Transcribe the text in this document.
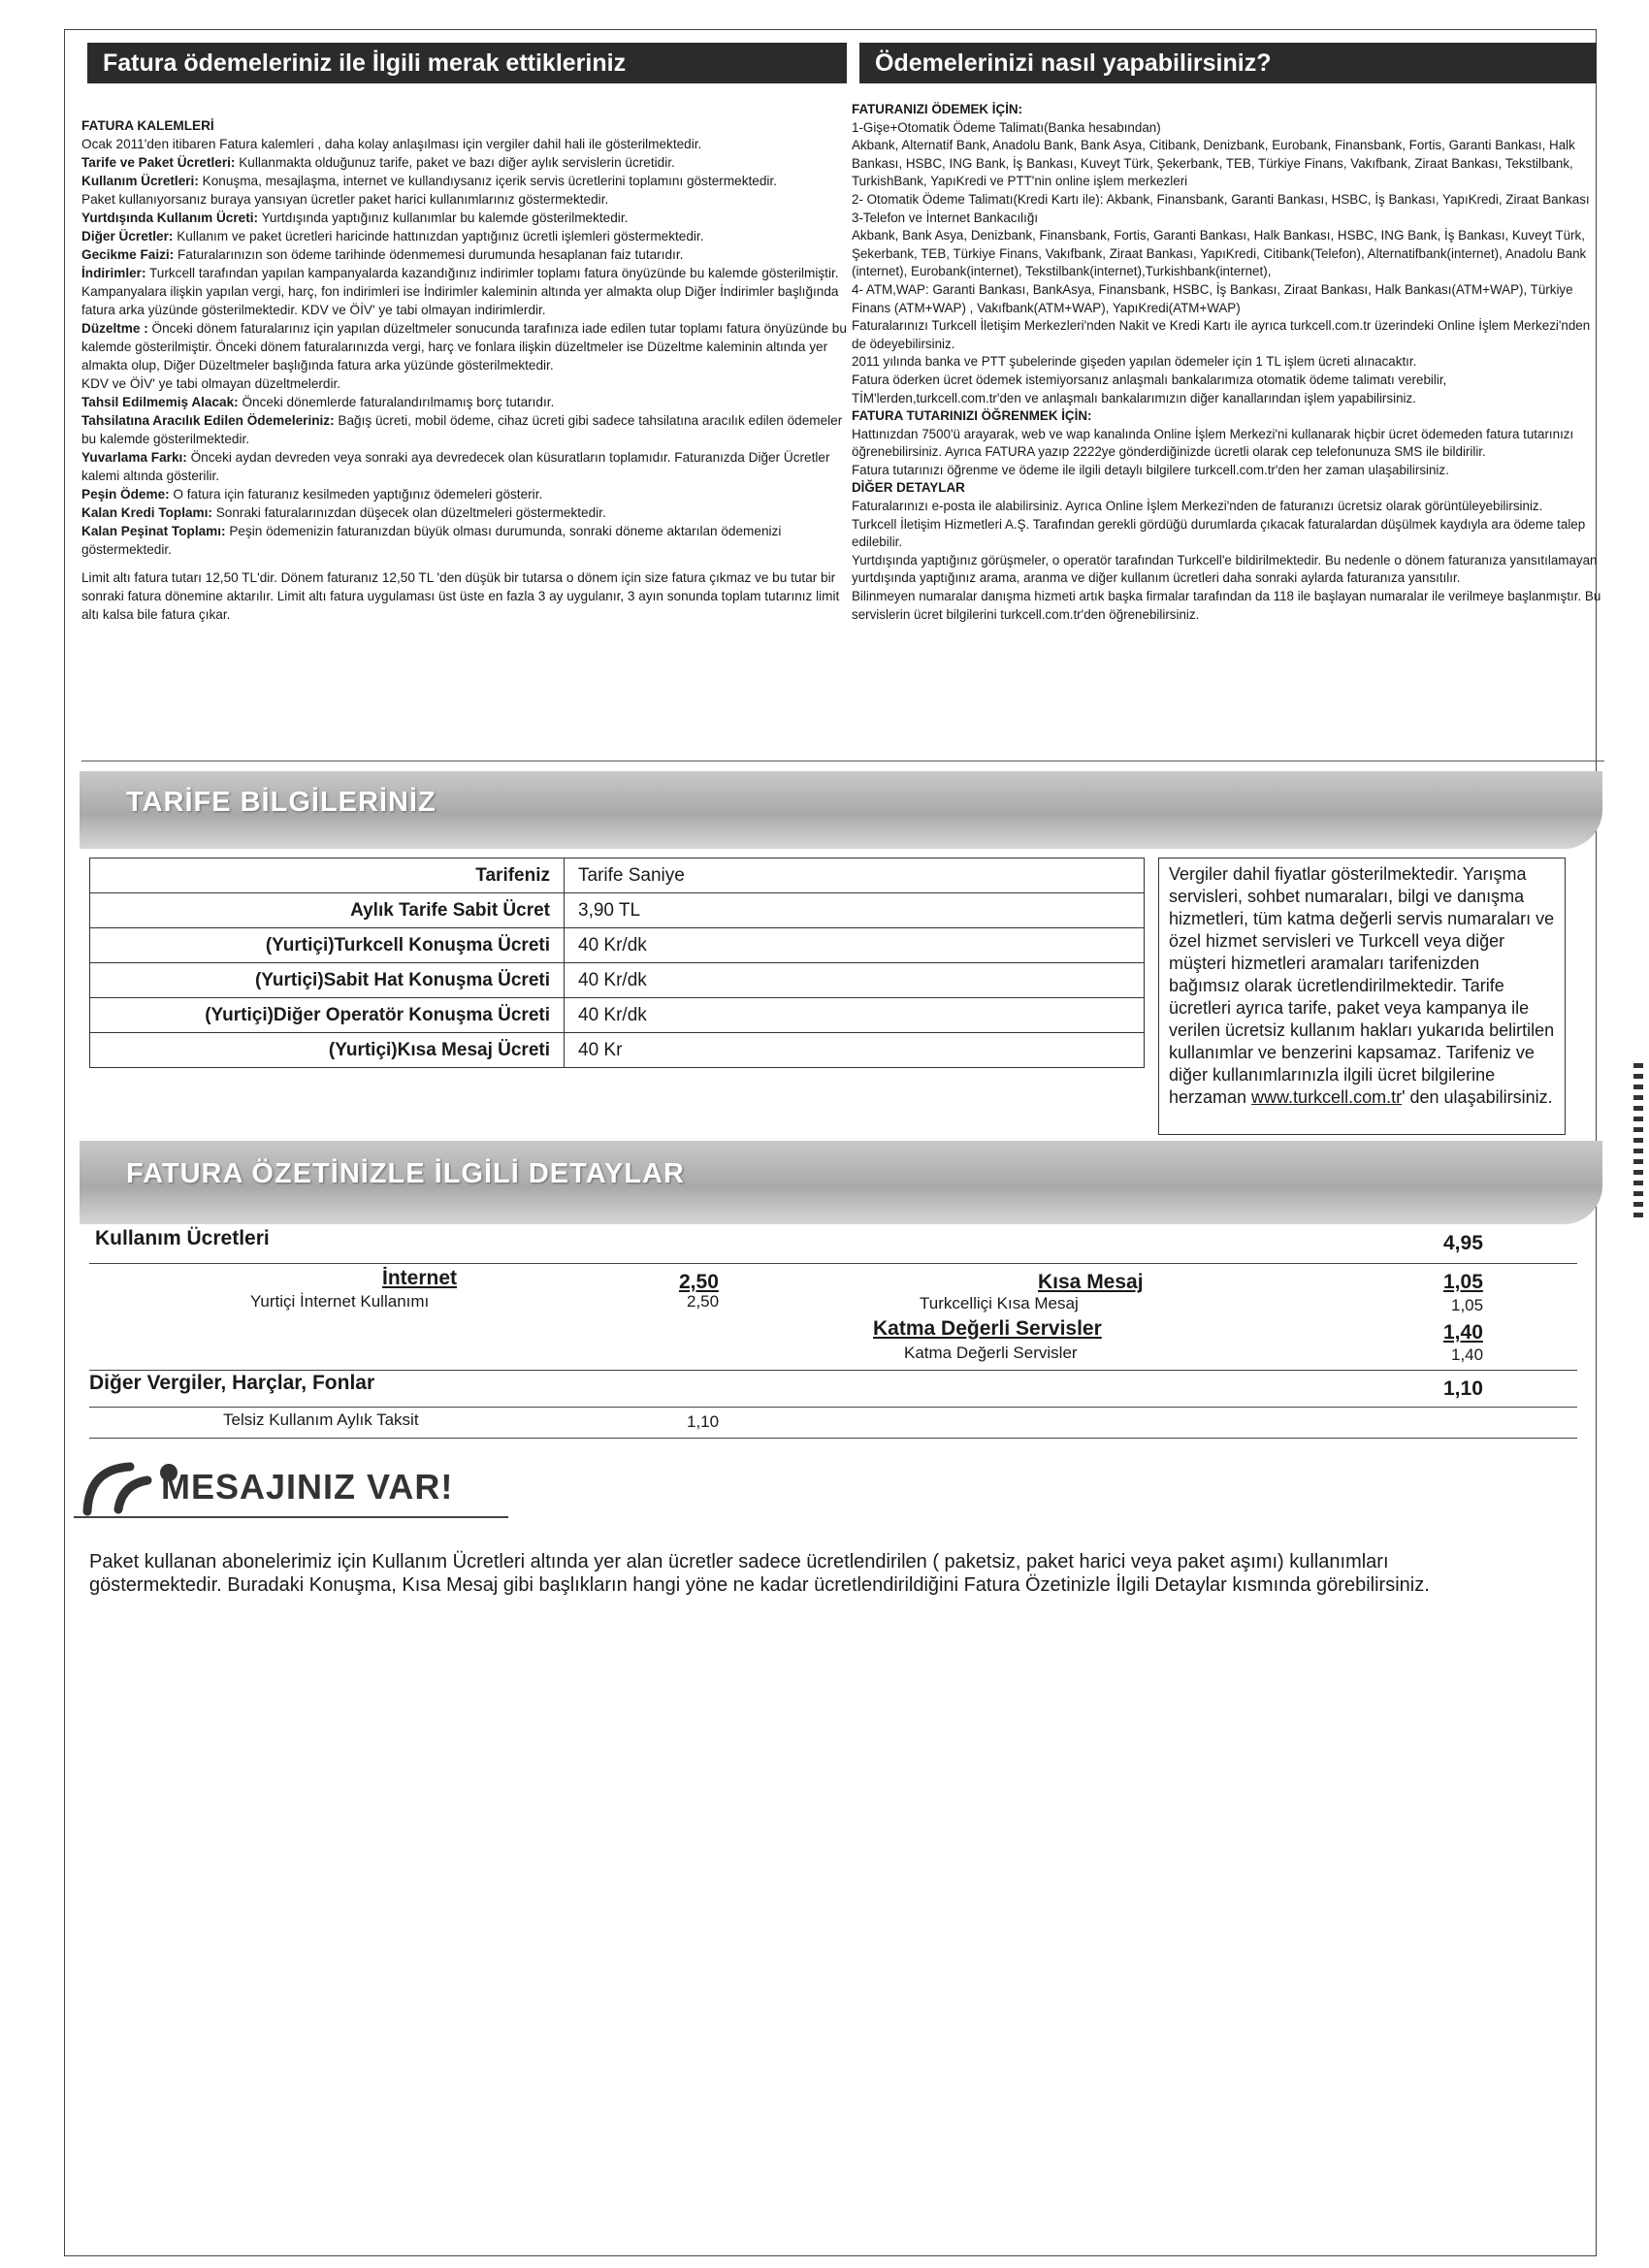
Fatura ödemeleriniz ile İlgili merak ettikleriniz

FATURA KALEMLERİ

Ocak 2011'den itibaren Fatura kalemleri , daha kolay anlaşılması için vergiler dahil hali ile gösterilmektedir.

Tarife ve Paket Ücretleri: Kullanmakta olduğunuz tarife, paket ve bazı diğer aylık servislerin ücretidir.

Kullanım Ücretleri: Konuşma, mesajlaşma, internet ve kullandıysanız içerik servis ücretlerini toplamını göstermektedir.

Paket kullanıyorsanız buraya yansıyan ücretler paket harici kullanımlarınız göstermektedir.

Yurtdışında Kullanım Ücreti: Yurtdışında yaptığınız kullanımlar bu kalemde gösterilmektedir.

Diğer Ücretler: Kullanım ve paket ücretleri haricinde hattınızdan yaptığınız ücretli işlemleri göstermektedir.

Gecikme Faizi: Faturalarınızın son ödeme tarihinde ödenmemesi durumunda hesaplanan faiz tutarıdır.

İndirimler: Turkcell tarafından yapılan kampanyalarda kazandığınız indirimler toplamı fatura önyüzünde bu kalemde gösterilmiştir. Kampanyalara ilişkin yapılan vergi, harç, fon indirimleri ise İndirimler kaleminin altında yer almakta olup Diğer İndirimler başlığında fatura arka yüzünde gösterilmektedir. KDV ve ÖİV' ye tabi olmayan indirimlerdir.

Düzeltme : Önceki dönem faturalarınız için yapılan düzeltmeler sonucunda tarafınıza iade edilen tutar toplamı fatura önyüzünde bu kalemde gösterilmiştir. Önceki dönem faturalarınızda vergi, harç ve fonlara ilişkin düzeltmeler ise Düzeltme kaleminin altında yer almakta olup, Diğer Düzeltmeler başlığında fatura arka yüzünde gösterilmektedir.

KDV ve ÖİV' ye tabi olmayan düzeltmelerdir.

Tahsil Edilmemiş Alacak: Önceki dönemlerde faturalandırılmamış borç tutarıdır.

Tahsilatına Aracılık Edilen Ödemeleriniz: Bağış ücreti, mobil ödeme, cihaz ücreti gibi sadece tahsilatına aracılık edilen ödemeler bu kalemde gösterilmektedir.

Yuvarlama Farkı: Önceki aydan devreden veya sonraki aya devredecek olan küsuratların toplamıdır. Faturanızda Diğer Ücretler kalemi altında gösterilir.

Peşin Ödeme: O fatura için faturanız kesilmeden yaptığınız ödemeleri gösterir.

Kalan Kredi Toplamı: Sonraki faturalarınızdan düşecek olan düzeltmeleri göstermektedir.

Kalan Peşinat Toplamı: Peşin ödemenizin faturanızdan büyük olması durumunda, sonraki döneme aktarılan ödemenizi göstermektedir.

Limit altı fatura tutarı 12,50 TL'dir. Dönem faturanız 12,50 TL 'den düşük bir tutarsa o dönem için size fatura çıkmaz ve bu tutar bir sonraki fatura dönemine aktarılır. Limit altı fatura uygulaması üst üste en fazla 3 ay uygulanır, 3 ayın sonunda toplam tutarınız limit altı kalsa bile fatura çıkar.

Ödemelerinizi nasıl yapabilirsiniz?

FATURANIZI ÖDEMEK İÇİN:

1-Gişe+Otomatik Ödeme Talimatı(Banka hesabından)

Akbank, Alternatif Bank, Anadolu Bank, Bank Asya, Citibank, Denizbank, Eurobank, Finansbank, Fortis, Garanti Bankası, Halk Bankası, HSBC, ING Bank, İş Bankası, Kuveyt Türk, Şekerbank, TEB, Türkiye Finans, Vakıfbank, Ziraat Bankası, Tekstilbank, TurkishBank, YapıKredi ve PTT'nin online işlem merkezleri

2- Otomatik Ödeme Talimatı(Kredi Kartı ile): Akbank, Finansbank, Garanti Bankası, HSBC, İş Bankası, YapıKredi, Ziraat Bankası

3-Telefon ve İnternet Bankacılığı

Akbank, Bank Asya, Denizbank, Finansbank, Fortis, Garanti Bankası, Halk Bankası, HSBC, ING Bank, İş Bankası, Kuveyt Türk, Şekerbank, TEB, Türkiye Finans, Vakıfbank, Ziraat Bankası, YapıKredi, Citibank(Telefon), Alternatifbank(internet), Anadolu Bank (internet), Eurobank(internet), Tekstilbank(internet),Turkishbank(internet),

4- ATM,WAP: Garanti Bankası, BankAsya, Finansbank, HSBC, İş Bankası, Ziraat Bankası, Halk Bankası(ATM+WAP), Türkiye Finans (ATM+WAP) , Vakıfbank(ATM+WAP), YapıKredi(ATM+WAP)

Faturalarınızı Turkcell İletişim Merkezleri'nden Nakit ve Kredi Kartı ile ayrıca turkcell.com.tr üzerindeki Online İşlem Merkezi'nden de ödeyebilirsiniz.

2011 yılında banka ve PTT şubelerinde gişeden yapılan ödemeler için 1 TL işlem ücreti alınacaktır.

Fatura öderken ücret ödemek istemiyorsanız anlaşmalı bankalarımıza otomatik ödeme talimatı verebilir, TİM'lerden,turkcell.com.tr'den ve anlaşmalı bankalarımızın diğer kanallarından işlem yapabilirsiniz.

FATURA TUTARINIZI ÖĞRENMEK İÇİN:

Hattınızdan 7500'ü arayarak, web ve wap kanalında Online İşlem Merkezi'ni kullanarak hiçbir ücret ödemeden fatura tutarınızı öğrenebilirsiniz. Ayrıca FATURA yazıp 2222ye gönderdiğinizde ücretli olarak cep telefonunuza SMS ile bildirilir.

Fatura tutarınızı öğrenme ve ödeme ile ilgili detaylı bilgilere turkcell.com.tr'den her zaman ulaşabilirsiniz.

DİĞER DETAYLAR

Faturalarınızı e-posta ile alabilirsiniz. Ayrıca Online İşlem Merkezi'nden de faturanızı ücretsiz olarak görüntüleyebilirsiniz.

Turkcell İletişim Hizmetleri A.Ş. Tarafından gerekli gördüğü durumlarda çıkacak faturalardan düşülmek kaydıyla ara ödeme talep edilebilir.

Yurtdışında yaptığınız görüşmeler, o operatör tarafından Turkcell'e bildirilmektedir. Bu nedenle o dönem faturanıza yansıtılamayan yurtdışında yaptığınız arama, aranma ve diğer kullanım ücretleri daha sonraki aylarda faturanıza yansıtılır.

Bilinmeyen numaralar danışma hizmeti artık başka firmalar tarafından da 118 ile başlayan numaralar ile verilmeye başlanmıştır. Bu servislerin ücret bilgilerini turkcell.com.tr'den öğrenebilirsiniz.

TARİFE BİLGİLERİNİZ
Tarifeniz	Tarife Saniye
Aylık Tarife Sabit Ücret	3,90 TL
(Yurtiçi)Turkcell Konuşma Ücreti	40 Kr/dk
(Yurtiçi)Sabit Hat Konuşma Ücreti	40 Kr/dk
(Yurtiçi)Diğer Operatör Konuşma Ücreti	40 Kr/dk
(Yurtiçi)Kısa Mesaj Ücreti	40 Kr
Vergiler dahil fiyatlar gösterilmektedir. Yarışma servisleri, sohbet numaraları, bilgi ve danışma hizmetleri, tüm katma değerli servis numaraları ve özel hizmet servisleri ve Turkcell veya diğer müşteri hizmetleri aramaları tarifenizden bağımsız olarak ücretlendirilmektedir. Tarife ücretleri ayrıca tarife, paket veya kampanya ile verilen ücretsiz kullanım hakları yukarıda belirtilen kullanımlar ve benzerini kapsamaz. Tarifeniz ve diğer kullanımlarınızla ilgili ücret bilgilerine herzaman www.turkcell.com.tr' den ulaşabilirsiniz.
FATURA ÖZETİNİZLE İLGİLİ DETAYLAR
Kullanım Ücretleri	4,95
İnternet	2,50
Yurtiçi İnternet Kullanımı	2,50
Kısa Mesaj	1,05
Turkcelliçi Kısa Mesaj	1,05
Katma Değerli Servisler	1,40
Katma Değerli Servisler	1,40
Diğer Vergiler, Harçlar, Fonlar	1,10
Telsiz Kullanım Aylık Taksit	1,10
MESAJINIZ VAR!
Paket kullanan abonelerimiz için Kullanım Ücretleri altında yer alan ücretler sadece ücretlendirilen ( paketsiz, paket harici veya paket aşımı) kullanımları göstermektedir. Buradaki Konuşma, Kısa Mesaj gibi başlıkların hangi yöne ne kadar ücretlendirildiğini Fatura Özetinizle İlgili Detaylar kısmında görebilirsiniz.
